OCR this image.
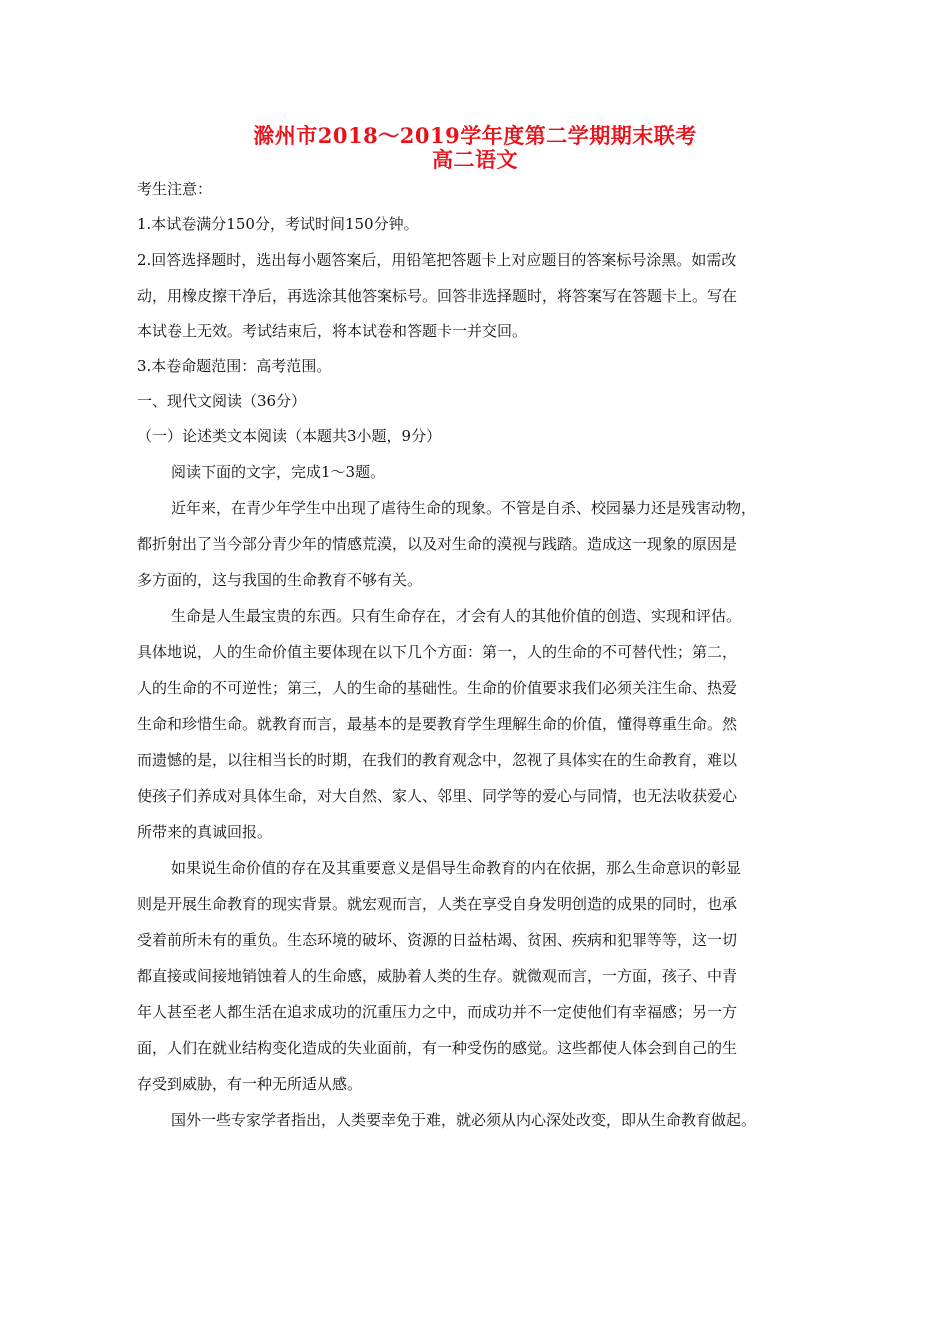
滁州市2018～2019学年度第二学期期末联考
高二语文

考生注意：

1.本试卷满分150分，考试时间150分钟。

2.回答选择题时，选出每小题答案后，用铅笔把答题卡上对应题目的答案标号涂黑。如需改

动，用橡皮擦干净后，再选涂其他答案标号。回答非选择题时，将答案写在答题卡上。写在

本试卷上无效。考试结束后，将本试卷和答题卡一并交回。

3.本卷命题范围：高考范围。

一、现代文阅读（36分）

（一）论述类文本阅读（本题共3小题，9分）

阅读下面的文字，完成1～3题。

近年来，在青少年学生中出现了虐待生命的现象。不管是自杀、校园暴力还是残害动物，

都折射出了当今部分青少年的情感荒漠，以及对生命的漠视与践踏。造成这一现象的原因是

多方面的，这与我国的生命教育不够有关。

生命是人生最宝贵的东西。只有生命存在，才会有人的其他价值的创造、实现和评估。

具体地说，人的生命价值主要体现在以下几个方面：第一，人的生命的不可替代性；第二，

人的生命的不可逆性；第三，人的生命的基础性。生命的价值要求我们必须关注生命、热爱

生命和珍惜生命。就教育而言，最基本的是要教育学生理解生命的价值，懂得尊重生命。然

而遗憾的是，以往相当长的时期，在我们的教育观念中，忽视了具体实在的生命教育，难以

使孩子们养成对具体生命，对大自然、家人、邻里、同学等的爱心与同情，也无法收获爱心

所带来的真诚回报。

如果说生命价值的存在及其重要意义是倡导生命教育的内在依据，那么生命意识的彰显

则是开展生命教育的现实背景。就宏观而言，人类在享受自身发明创造的成果的同时，也承

受着前所未有的重负。生态环境的破坏、资源的日益枯竭、贫困、疾病和犯罪等等，这一切

都直接或间接地销蚀着人的生命感，威胁着人类的生存。就微观而言，一方面，孩子、中青

年人甚至老人都生活在追求成功的沉重压力之中，而成功并不一定使他们有幸福感；另一方

面，人们在就业结构变化造成的失业面前，有一种受伤的感觉。这些都使人体会到自己的生

存受到威胁，有一种无所适从感。

国外一些专家学者指出，人类要幸免于难，就必须从内心深处改变，即从生命教育做起。
